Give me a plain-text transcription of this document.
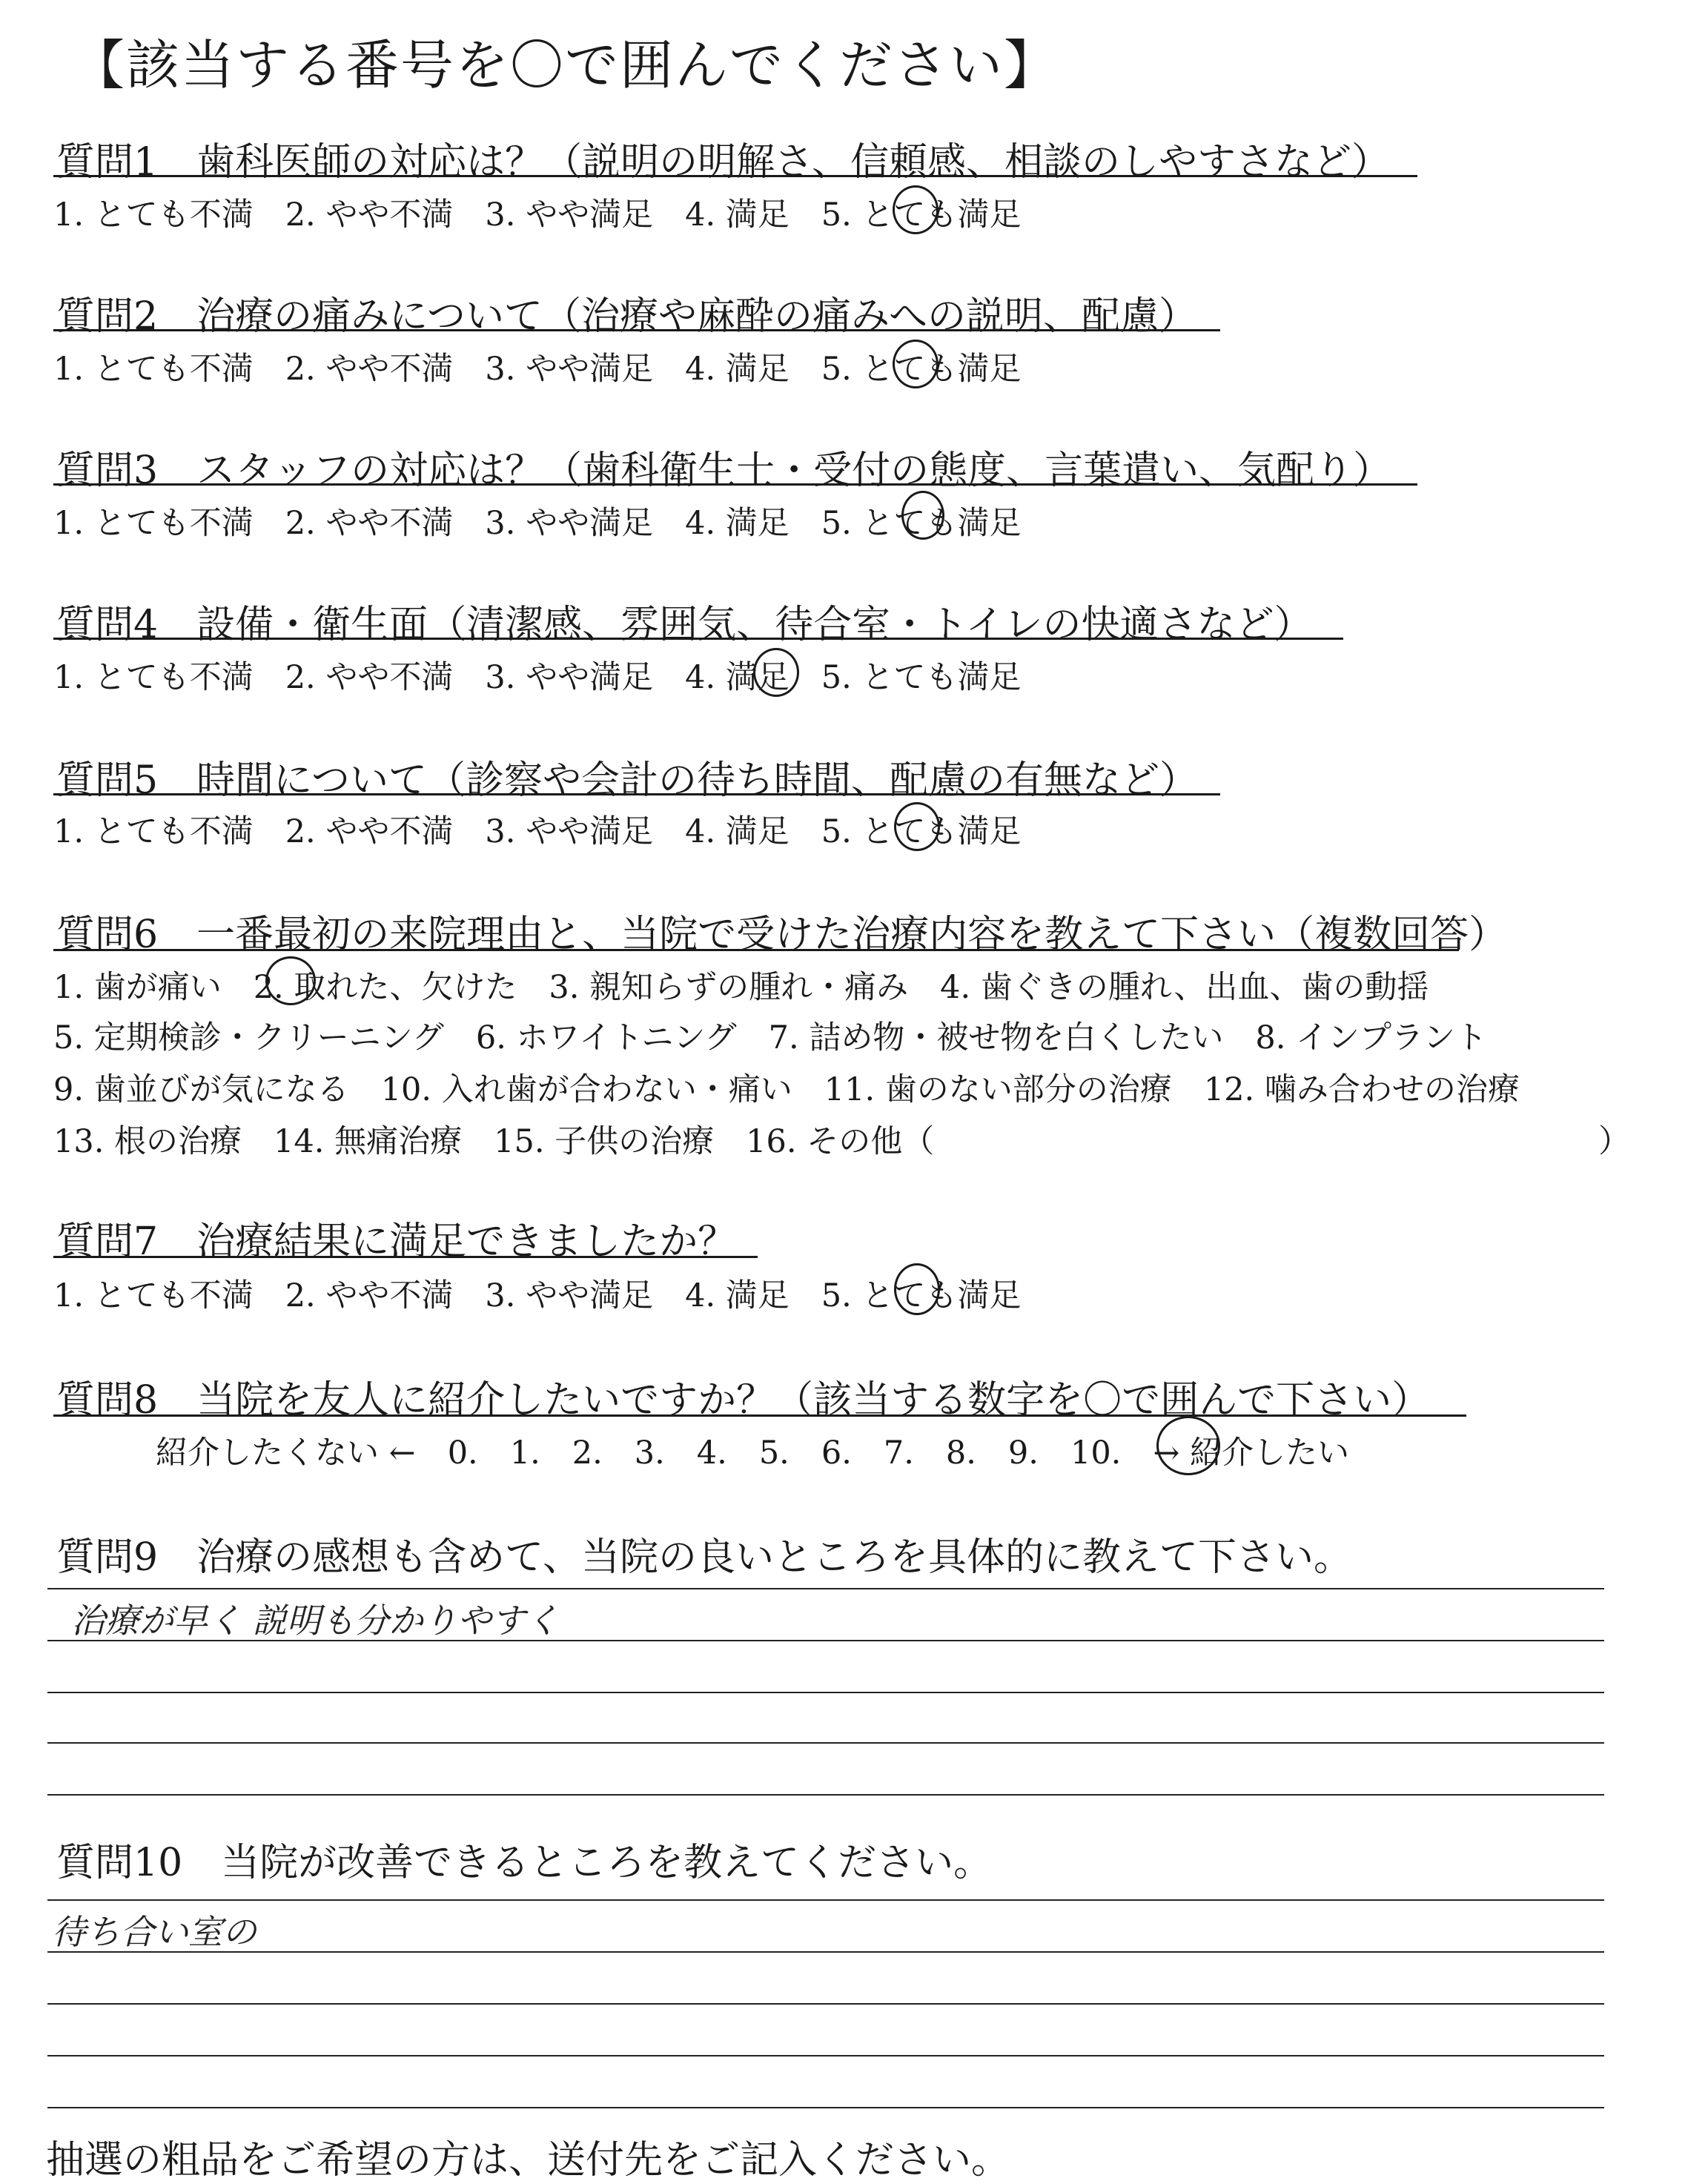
【該当する番号を〇で囲んでください】
質問1　歯科医師の対応は？（説明の明解さ、信頼感、相談のしやすさなど）
1. とても不満　2. やや不満　3. やや満足　4. 満足　5. とても満足
質問2　治療の痛みについて（治療や麻酔の痛みへの説明、配慮）
1. とても不満　2. やや不満　3. やや満足　4. 満足　5. とても満足
質問3　スタッフの対応は？（歯科衛生士・受付の態度、言葉遣い、気配り）
1. とても不満　2. やや不満　3. やや満足　4. 満足　5. とても満足
質問4　設備・衛生面（清潔感、雰囲気、待合室・トイレの快適さなど）
1. とても不満　2. やや不満　3. やや満足　4. 満足　5. とても満足
質問5　時間について（診察や会計の待ち時間、配慮の有無など）
1. とても不満　2. やや不満　3. やや満足　4. 満足　5. とても満足
質問6　一番最初の来院理由と、当院で受けた治療内容を教えて下さい（複数回答）
1. 歯が痛い　2. 取れた、欠けた　3. 親知らずの腫れ・痛み　4. 歯ぐきの腫れ、出血、歯の動揺
5. 定期検診・クリーニング　6. ホワイトニング　7. 詰め物・被せ物を白くしたい　8. インプラント
9. 歯並びが気になる　10. 入れ歯が合わない・痛い　11. 歯のない部分の治療　12. 噛み合わせの治療
13. 根の治療　14. 無痛治療　15. 子供の治療　16. その他（	）
質問7　治療結果に満足できましたか？
1. とても不満　2. やや不満　3. やや満足　4. 満足　5. とても満足
質問8　当院を友人に紹介したいですか？（該当する数字を〇で囲んで下さい）
紹介したくない ←　0.　1.　2.　3.　4.　5.　6.　7.　8.　9.　10.　→ 紹介したい
質問9　治療の感想も含めて、当院の良いところを具体的に教えて下さい。
治療が早く 説明も分かりやすく
質問10　当院が改善できるところを教えてください。
待ち合い室の
抽選の粗品をご希望の方は、送付先をご記入ください。
